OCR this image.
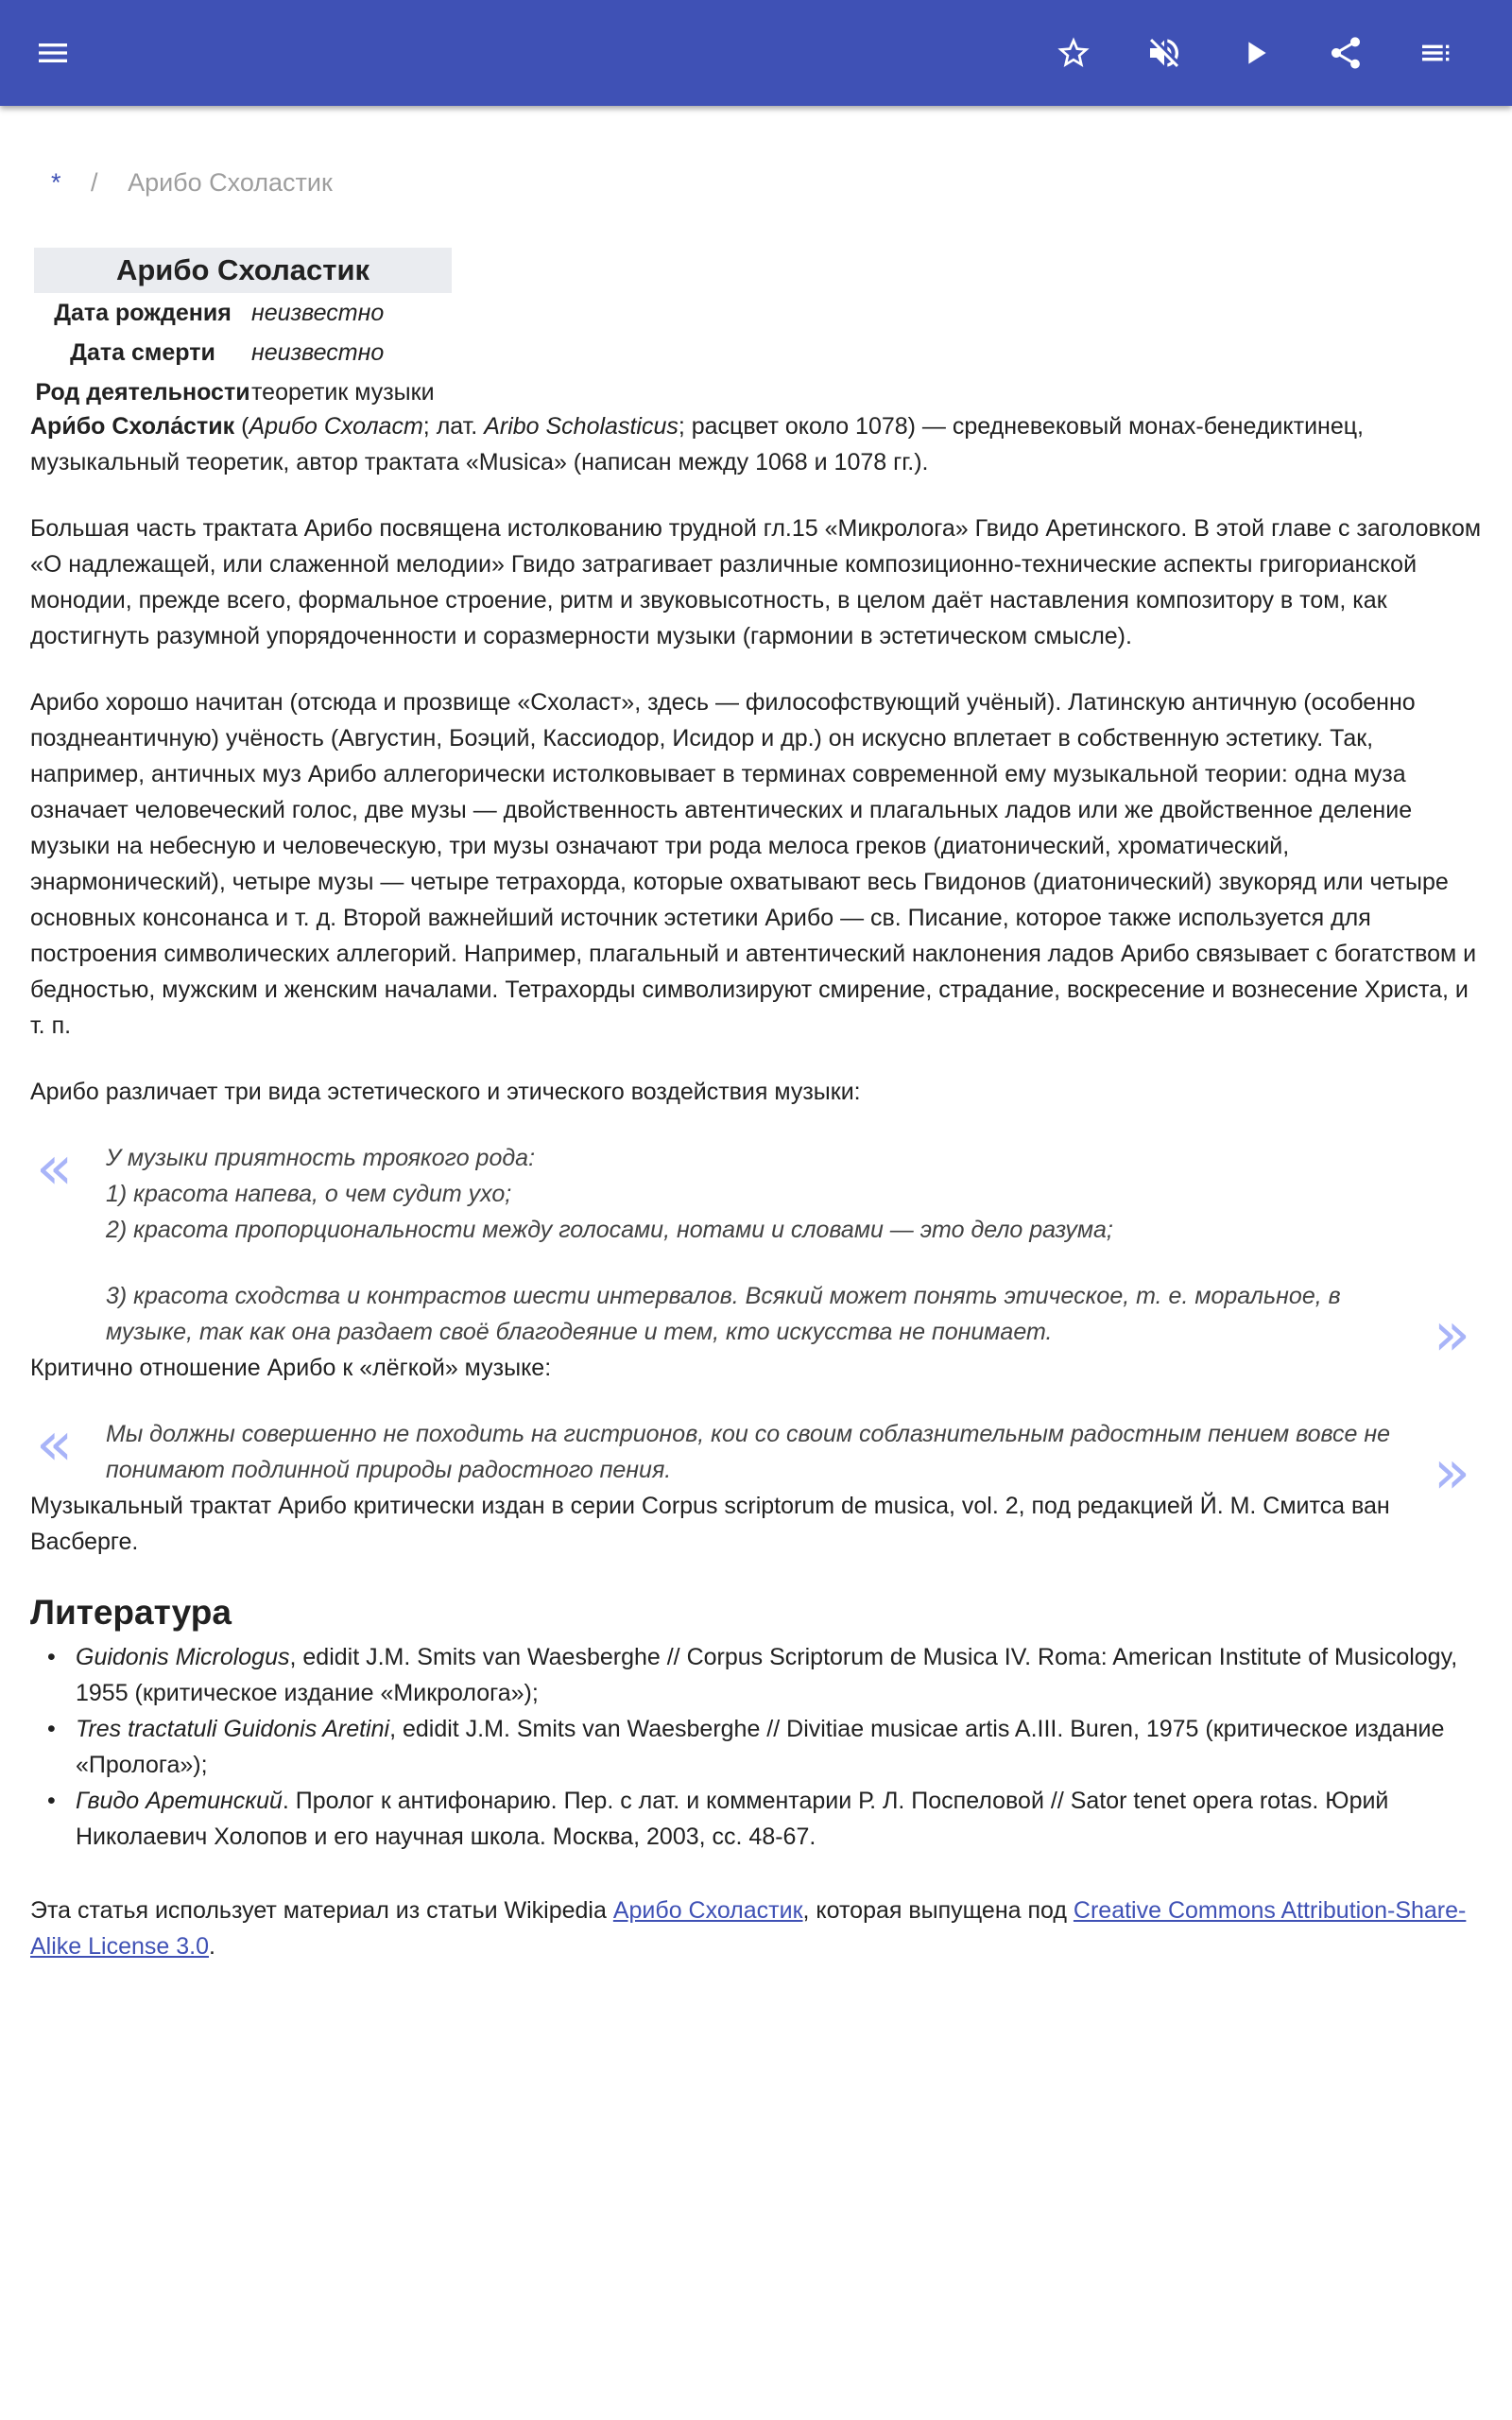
* / Арибо Схоластик
Арибо Схоластик
Дата рождения неизвестно
Дата смерти	неизвестно
Род деятельности теоретик музыки

Ари́бо Схола́стик (Арибо Схоласт; лат. Aribo Scholasticus; расцвет около 1078) — средневековый монах-бенедиктинец, музыкальный теоретик, автор трактата «Musica» (написан между 1068 и 1078 гг.).

Большая часть трактата Арибо посвящена истолкованию трудной гл.15 «Микролога» Гвидо Аретинского. В этой главе с заголовком «О надлежащей, или слаженной мелодии» Гвидо затрагивает различные композиционно-технические аспекты григорианской монодии, прежде всего, формальное строение, ритм и звуковысотность, в целом даёт наставления композитору в том, как достигнуть разумной упорядоченности и соразмерности музыки (гармонии в эстетическом смысле).

Арибо хорошо начитан (отсюда и прозвище «Схоласт», здесь — философствующий учёный). Латинскую античную (особенно позднеантичную) учёность (Августин, Боэций, Кассиодор, Исидор и др.) он искусно вплетает в собственную эстетику. Так, например, античных муз Арибо аллегорически истолковывает в терминах современной ему музыкальной теории: одна муза означает человеческий голос, две музы — двойственность автентических и плагальных ладов или же двойственное деление музыки на небесную и человеческую, три музы означают три рода мелоса греков (диатонический, хроматический, энармонический), четыре музы — четыре тетрахорда, которые охватывают весь Гвидонов (диатонический) звукоряд или четыре основных консонанса и т. д. Второй важнейший источник эстетики Арибо — св. Писание, которое также используется для построения символических аллегорий. Например, плагальный и автентический наклонения ладов Арибо связывает с богатством и бедностью, мужским и женским началами. Тетрахорды символизируют смирение, страдание, воскресение и вознесение Христа, и т. п.

Арибо различает три вида эстетического и этического воздействия музыки:

« У музыки приятность троякого рода:
1) красота напева, о чем судит ухо;
2) красота пропорциональности между голосами, нотами и словами — это дело разума;
3) красота сходства и контрастов шести интервалов. Всякий может понять этическое, т. е. моральное, в музыке, так как она раздает своё благодеяние и тем, кто искусства не понимает.	»

Критично отношение Арибо к «лёгкой» музыке:

« Мы должны совершенно не походить на гистрионов, кои со своим соблазнительным радостным пением вовсе не понимают подлинной природы радостного пения.	»

Музыкальный трактат Арибо критически издан в серии Corpus scriptorum de musica, vol. 2, под редакцией Й. М. Смитса ван Васберге.

Литература
• Guidonis Micrologus, edidit J.M. Smits van Waesberghe // Corpus Scriptorum de Musica IV. Roma: American Institute of Musicology, 1955 (критическое издание «Микролога»);
• Tres tractatuli Guidonis Aretini, edidit J.M. Smits van Waesberghe // Divitiae musicae artis A.III. Buren, 1975 (критическое издание «Пролога»);
• Гвидо Аретинский. Пролог к антифонарию. Пер. с лат. и комментарии Р. Л. Поспеловой // Sator tenet opera rotas. Юрий Николаевич Холопов и его научная школа. Москва, 2003, сс. 48-67.

Эта статья использует материал из статьи Wikipedia Арибо Схоластик, которая выпущена под Creative Commons Attribution-Share-Alike License 3.0.
